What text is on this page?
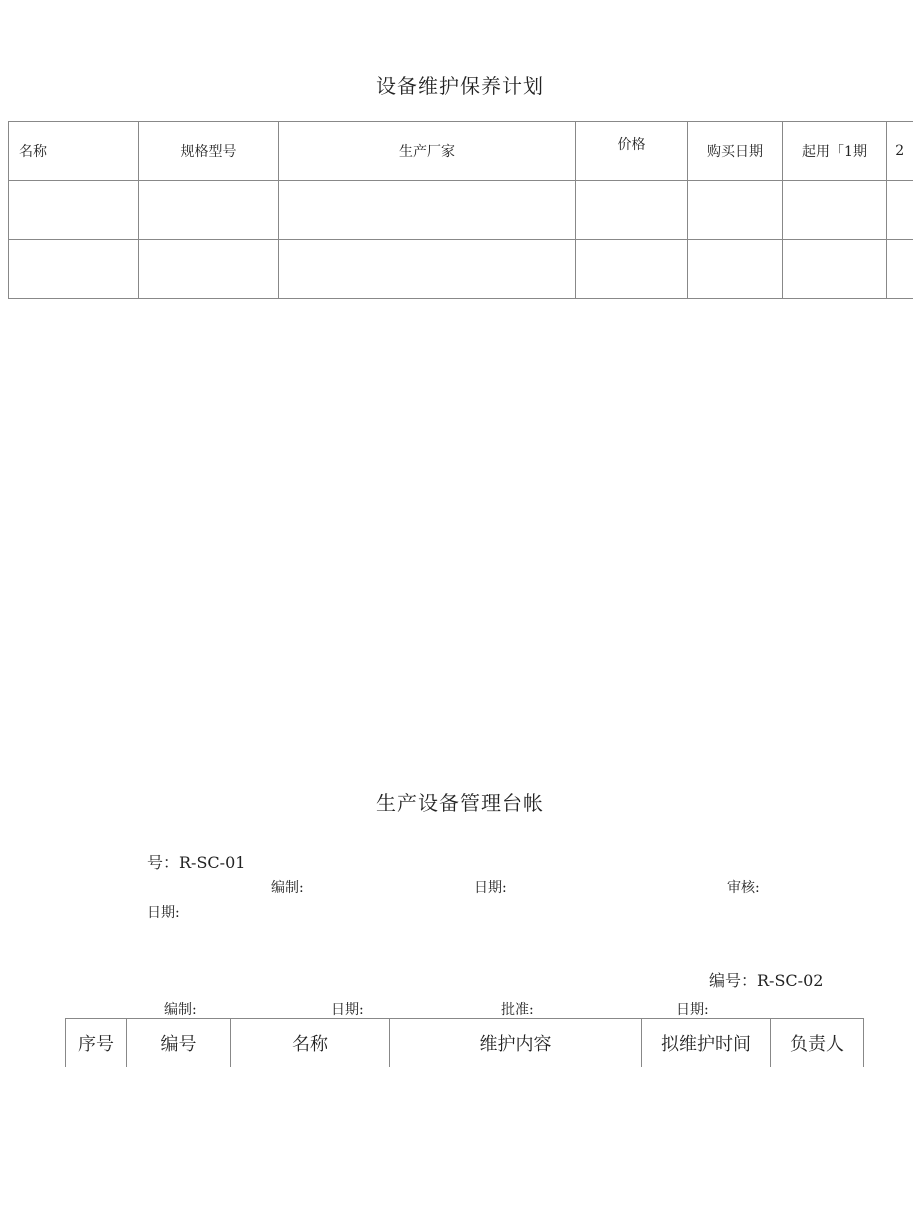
设备维护保养计划
名称	规格型号	生产厂家	价格	购买日期	起用「1期	2

生产设备管理台帐
号：R-SC-01
编制:	日期:	审核:
日期:
编号：R-SC-02
编制:	日期:	批准:	日期:
序号	编号	名称	维护内容	拟维护时间	负责人
